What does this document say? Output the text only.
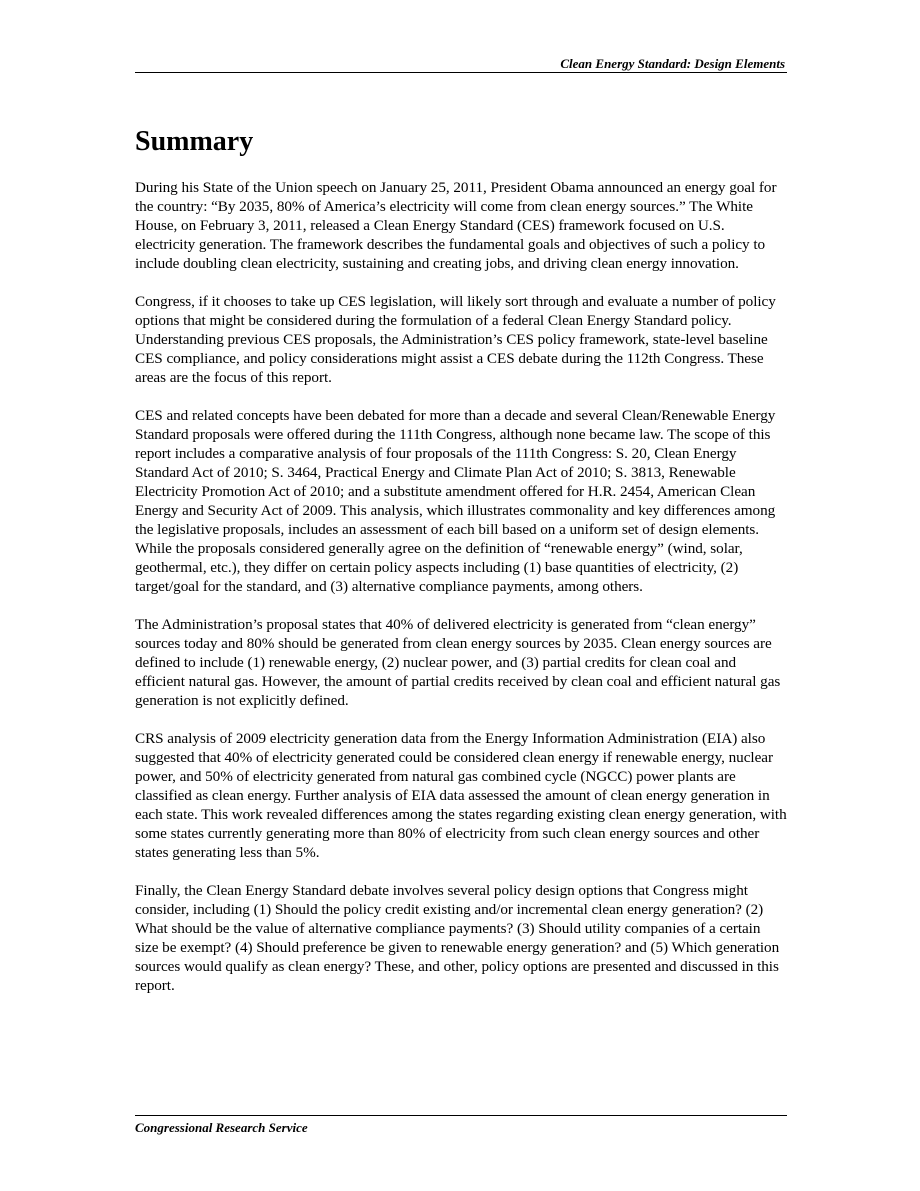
Clean Energy Standard: Design Elements
Summary

During his State of the Union speech on January 25, 2011, President Obama announced an energy goal for the country: “By 2035, 80% of America’s electricity will come from clean energy sources.” The White House, on February 3, 2011, released a Clean Energy Standard (CES) framework focused on U.S. electricity generation. The framework describes the fundamental goals and objectives of such a policy to include doubling clean electricity, sustaining and creating jobs, and driving clean energy innovation.

Congress, if it chooses to take up CES legislation, will likely sort through and evaluate a number of policy options that might be considered during the formulation of a federal Clean Energy Standard policy. Understanding previous CES proposals, the Administration’s CES policy framework, state-level baseline CES compliance, and policy considerations might assist a CES debate during the 112th Congress. These areas are the focus of this report.

CES and related concepts have been debated for more than a decade and several Clean/Renewable Energy Standard proposals were offered during the 111th Congress, although none became law. The scope of this report includes a comparative analysis of four proposals of the 111th Congress: S. 20, Clean Energy Standard Act of 2010; S. 3464, Practical Energy and Climate Plan Act of 2010; S. 3813, Renewable Electricity Promotion Act of 2010; and a substitute amendment offered for H.R. 2454, American Clean Energy and Security Act of 2009. This analysis, which illustrates commonality and key differences among the legislative proposals, includes an assessment of each bill based on a uniform set of design elements. While the proposals considered generally agree on the definition of “renewable energy” (wind, solar, geothermal, etc.), they differ on certain policy aspects including (1) base quantities of electricity, (2) target/goal for the standard, and (3) alternative compliance payments, among others.

The Administration’s proposal states that 40% of delivered electricity is generated from “clean energy” sources today and 80% should be generated from clean energy sources by 2035. Clean energy sources are defined to include (1) renewable energy, (2) nuclear power, and (3) partial credits for clean coal and efficient natural gas. However, the amount of partial credits received by clean coal and efficient natural gas generation is not explicitly defined.

CRS analysis of 2009 electricity generation data from the Energy Information Administration (EIA) also suggested that 40% of electricity generated could be considered clean energy if renewable energy, nuclear power, and 50% of electricity generated from natural gas combined cycle (NGCC) power plants are classified as clean energy. Further analysis of EIA data assessed the amount of clean energy generation in each state. This work revealed differences among the states regarding existing clean energy generation, with some states currently generating more than 80% of electricity from such clean energy sources and other states generating less than 5%.

Finally, the Clean Energy Standard debate involves several policy design options that Congress might consider, including (1) Should the policy credit existing and/or incremental clean energy generation? (2) What should be the value of alternative compliance payments? (3) Should utility companies of a certain size be exempt? (4) Should preference be given to renewable energy generation? and (5) Which generation sources would qualify as clean energy? These, and other, policy options are presented and discussed in this report.

Congressional Research Service
